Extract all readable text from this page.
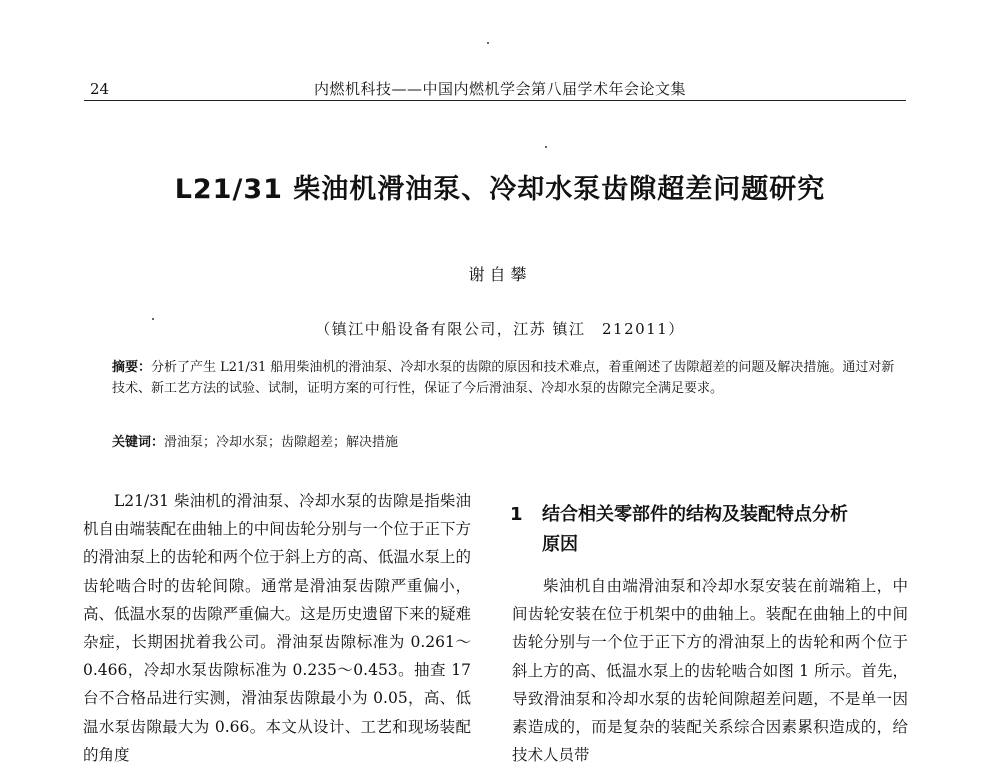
24	内燃机科技——中国内燃机学会第八届学术年会论文集
L21/31 柴油机滑油泵、冷却水泵齿隙超差问题研究
谢自攀
（镇江中船设备有限公司，江苏 镇江　212011）
摘要：分析了产生 L21/31 船用柴油机的滑油泵、冷却水泵的齿隙的原因和技术难点，着重阐述了齿隙超差的问题及解决措施。通过对新技术、新工艺方法的试验、试制，证明方案的可行性，保证了今后滑油泵、冷却水泵的齿隙完全满足要求。
关键词：滑油泵；冷却水泵；齿隙超差；解决措施
L21/31 柴油机的滑油泵、冷却水泵的齿隙是指柴油机自由端装配在曲轴上的中间齿轮分别与一个位于正下方的滑油泵上的齿轮和两个位于斜上方的高、低温水泵上的齿轮啮合时的齿轮间隙。通常是滑油泵齿隙严重偏小，高、低温水泵的齿隙严重偏大。这是历史遗留下来的疑难杂症，长期困扰着我公司。滑油泵齿隙标准为 0.261～0.466，冷却水泵齿隙标准为 0.235～0.453。抽查 17 台不合格品进行实测，滑油泵齿隙最小为 0.05，高、低温水泵齿隙最大为 0.66。本文从设计、工艺和现场装配的角度
1 结合相关零部件的结构及装配特点分析
原因
柴油机自由端滑油泵和冷却水泵安装在前端箱上，中间齿轮安装在位于机架中的曲轴上。装配在曲轴上的中间齿轮分别与一个位于正下方的滑油泵上的齿轮和两个位于斜上方的高、低温水泵上的齿轮啮合如图 1 所示。首先，导致滑油泵和冷却水泵的齿轮间隙超差问题，不是单一因素造成的，而是复杂的装配关系综合因素累积造成的，给技术人员带
